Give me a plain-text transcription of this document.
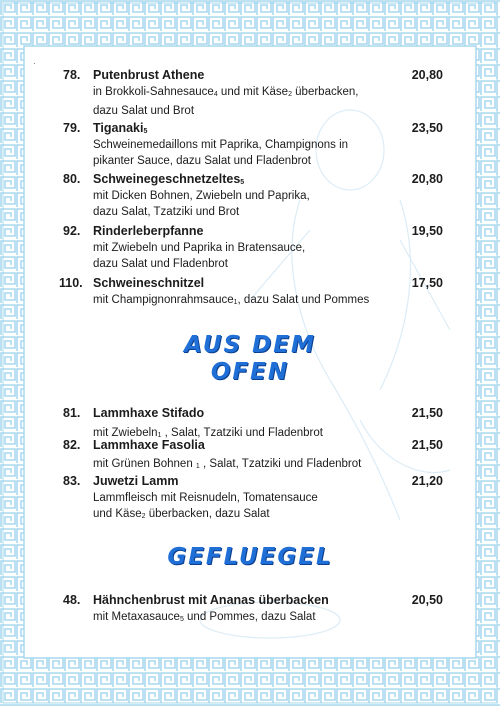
·
78. Putenbrust Athene	20,80
in Brokkoli-Sahnesauce$_4$ und mit Käse$_2$ überbacken,
dazu Salat und Brot
79. Tiganaki$_5$	23,50
Schweinemedaillons mit Paprika, Champignons in
pikanter Sauce, dazu Salat und Fladenbrot
80. Schweinegeschnetzeltes$_5$	20,80
mit Dicken Bohnen, Zwiebeln und Paprika,
dazu Salat, Tzatziki und Brot
92. Rinderleberpfanne	19,50
mit Zwiebeln und Paprika in Bratensauce,
dazu Salat und Fladenbrot
110. Schweineschnitzel	17,50
mit Champignonrahmsauce$_1$, dazu Salat und Pommes
AUS DEM
OFEN
81. Lammhaxe Stifado	21,50
mit Zwiebeln$_1$ , Salat, Tzatziki und Fladenbrot
82. Lammhaxe Fasolia	21,50
mit Grünen Bohnen $_1$ , Salat, Tzatziki und Fladenbrot
83. Juwetzi Lamm	21,20
Lammfleisch mit Reisnudeln, Tomatensauce
und Käse$_2$ überbacken, dazu Salat
GEFLUEGEL
48. Hähnchenbrust mit Ananas überbacken	20,50
mit Metaxasauce$_5$ und Pommes, dazu Salat
